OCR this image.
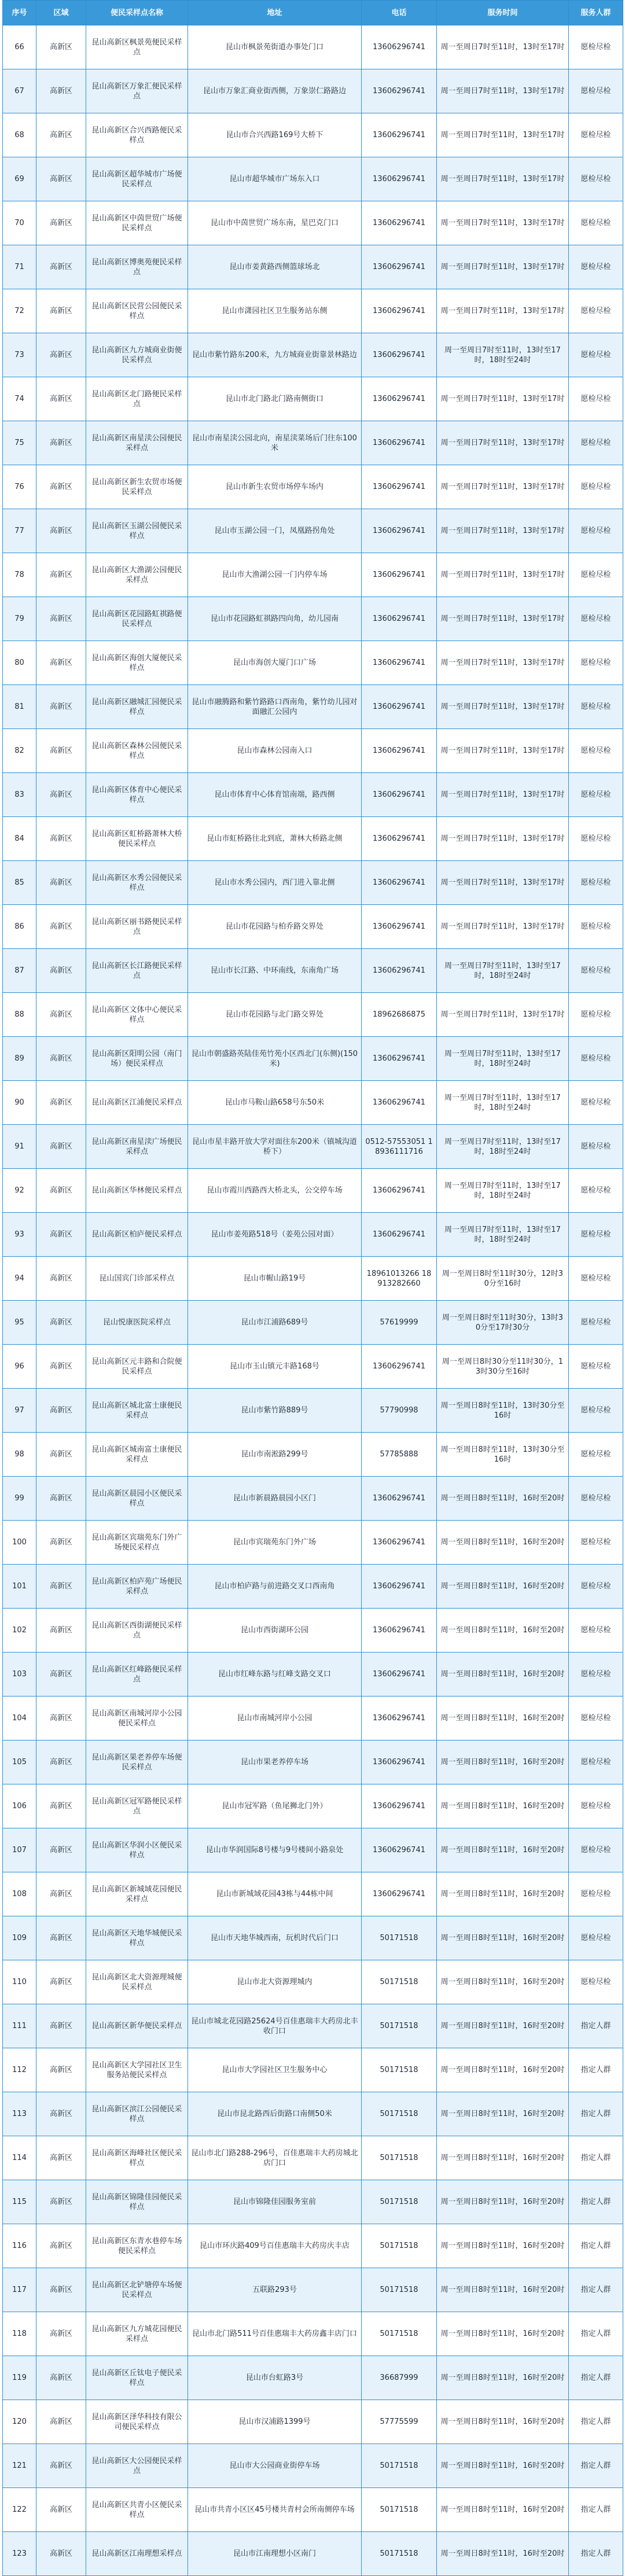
序号	区域	便民采样点名称	地址	电话	服务时间	服务人群
66	高新区	昆山高新区枫景苑便民采样点	昆山市枫景苑街道办事处门口	13606296741	周一至周日7时至11时，13时至17时	愿检尽检
67	高新区	昆山高新区万象汇便民采样点	昆山市万象汇商业街西侧，万象崇仁路路边	13606296741	周一至周日7时至11时，13时至17时	愿检尽检
68	高新区	昆山高新区合兴西路便民采样点	昆山市合兴西路169号大桥下	13606296741	周一至周日7时至11时，13时至17时	愿检尽检
69	高新区	昆山高新区超华城市广场便民采样点	昆山市超华城市广场东入口	13606296741	周一至周日7时至11时，13时至17时	愿检尽检
70	高新区	昆山高新区中茵世贸广场便民采样点	昆山市中茵世贸广场东南，星巴克门口	13606296741	周一至周日7时至11时，13时至17时	愿检尽检
71	高新区	昆山高新区博奥苑便民采样点	昆山市姜黄路西侧篮球场北	13606296741	周一至周日7时至11时，13时至17时	愿检尽检
72	高新区	昆山高新区民营公园便民采样点	昆山市潇园社区卫生服务站东侧	13606296741	周一至周日7时至11时，13时至17时	愿检尽检
73	高新区	昆山高新区九方城商业街便民采样点	昆山市紫竹路东200米，九方城商业街靠景林路边	13606296741	周一至周日7时至11时，13时至17时，18时至24时	愿检尽检
74	高新区	昆山高新区北门路便民采样点	昆山市北门路北门路南侧街口	13606296741	周一至周日7时至11时，13时至17时	愿检尽检
75	高新区	昆山高新区南星渎公园便民采样点	昆山市南星渎公园北向，南星渎菜场后门往东100米	13606296741	周一至周日7时至11时，13时至17时	愿检尽检
76	高新区	昆山高新区新生农贸市场便民采样点	昆山市新生农贸市场停车场内	13606296741	周一至周日7时至11时，13时至17时	愿检尽检
77	高新区	昆山高新区玉湖公园便民采样点	昆山市玉湖公园一门，凤凰路拐角处	13606296741	周一至周日7时至11时，13时至17时	愿检尽检
78	高新区	昆山高新区大渔湖公园便民采样点	昆山市大渔湖公园一门内停车场	13606296741	周一至周日7时至11时，13时至17时	愿检尽检
79	高新区	昆山高新区花园路虹祺路便民采样点	昆山市花园路虹祺路四向角，幼儿园南	13606296741	周一至周日7时至11时，13时至17时	愿检尽检
80	高新区	昆山高新区海创大厦便民采样点	昆山市海创大厦门口广场	13606296741	周一至周日7时至11时，13时至17时	愿检尽检
81	高新区	昆山高新区融城汇园便民采样点	昆山市融腾路和紫竹路路口西南角，紫竹幼儿园对面融汇公园内	13606296741	周一至周日7时至11时，13时至17时	愿检尽检
82	高新区	昆山高新区森林公园便民采样点	昆山市森林公园南入口	13606296741	周一至周日7时至11时，13时至17时	愿检尽检
83	高新区	昆山高新区体育中心便民采样点	昆山市体育中心体育馆南端，路西侧	13606296741	周一至周日7时至11时，13时至17时	愿检尽检
84	高新区	昆山高新区虹桥路萧林大桥便民采样点	昆山市虹桥路往北到底，萧林大桥路北侧	13606296741	周一至周日7时至11时，13时至17时	愿检尽检
85	高新区	昆山高新区水秀公园便民采样点	昆山市水秀公园内，西门进入靠北侧	13606296741	周一至周日7时至11时，13时至17时	愿检尽检
86	高新区	昆山高新区丽书路便民采样点	昆山市花园路与柏乔路交界处	13606296741	周一至周日7时至11时，13时至17时	愿检尽检
87	高新区	昆山高新区长江路便民采样点	昆山市长江路、中环南线，东南角广场	13606296741	周一至周日7时至11时，13时至17时，18时至24时	愿检尽检
88	高新区	昆山高新区文体中心便民采样点	昆山市花园路与北门路交界处	18962686875	周一至周日7时至11时，13时至17时	愿检尽检
89	高新区	昆山高新区阳明公园（南门场）便民采样点	昆山市朝盛路英陆佳苑竹苑小区西北门(东侧)(150米)	13606296741	周一至周日7时至11时，13时至17时，18时至24时	愿检尽检
90	高新区	昆山高新区江浦便民采样点	昆山市马鞍山路658号东50米	13606296741	周一至周日7时至11时，13时至17时，18时至24时	愿检尽检
91	高新区	昆山高新区南星渎广场便民采样点	昆山市星丰路开放大学对面往东200米（镇城沟道桥下）	0512-57553051 18936111716	周一至周日7时至11时，13时至17时，18时至24时	愿检尽检
92	高新区	昆山高新区华林便民采样点	昆山市霞川西路西大桥北头，公交停车场	13606296741	周一至周日7时至11时，13时至17时，18时至24时	愿检尽检
93	高新区	昆山高新区柏庐便民采样点	昆山市姜苑路518号（姜苑公园对面）	13606296741	周一至周日7时至11时，13时至17时，18时至24时	愿检尽检
94	高新区	昆山国宾门诊部采样点	昆山市幄山路19号	18961013266 18913282660	周一至周日8时至11时30分，12时30分至16时	愿检尽检
95	高新区	昆山悦康医院采样点	昆山市江浦路689号	57619999	周一至周日8时至11时30分，13时30分至17时30分	愿检尽检
96	高新区	昆山高新区元丰路和合院便民采样点	昆山市玉山镇元丰路168号	13606296741	周一至周日8时30分至11时30分，13时30分至16时	愿检尽检
97	高新区	昆山高新区城北富士康便民采样点	昆山市紫竹路889号	57790998	周一至周日8时至11时，13时30分至16时	愿检尽检
98	高新区	昆山高新区城南富士康便民采样点	昆山市南淞路299号	57785888	周一至周日8时至11时，13时30分至16时	愿检尽检
99	高新区	昆山高新区晨园小区便民采样点	昆山市新晨路晨园小区门	13606296741	周一至周日8时至11时，16时至20时	愿检尽检
100	高新区	昆山高新区宾瑞苑东门外广场便民采样点	昆山市宾瑞苑东门外广场	13606296741	周一至周日8时至11时，16时至20时	愿检尽检
101	高新区	昆山高新区柏庐苑广场便民采样点	昆山市柏庐路与前进路交叉口西南角	13606296741	周一至周日8时至11时，16时至20时	愿检尽检
102	高新区	昆山高新区西街湖便民采样点	昆山市西街湖环公园	13606296741	周一至周日8时至11时，16时至20时	愿检尽检
103	高新区	昆山高新区红峰路便民采样点	昆山市红峰东路与红峰支路交叉口	13606296741	周一至周日8时至11时，16时至20时	愿检尽检
104	高新区	昆山高新区南城河岸小公园便民采样点	昆山市南城河岸小公园	13606296741	周一至周日8时至11时，16时至20时	愿检尽检
105	高新区	昆山高新区果老养停车场便民采样点	昆山市果老养停车场	13606296741	周一至周日8时至11时，16时至20时	愿检尽检
106	高新区	昆山高新区冠军路便民采样点	昆山市冠军路（鱼尾狮北门外）	13606296741	周一至周日8时至11时，16时至20时	愿检尽检
107	高新区	昆山高新区华润小区便民采样点	昆山市华润国际8号楼与9号楼间小路泉处	13606296741	周一至周日8时至11时，16时至20时	愿检尽检
108	高新区	昆山高新区新城域花园便民采样点	昆山市新城域花园43栋与44栋中间	13606296741	周一至周日8时至11时，16时至20时	愿检尽检
109	高新区	昆山高新区天地华城便民采样点	昆山市天地华城西南，玩机时代后门口	50171518	周一至周日8时至11时，16时至20时	愿检尽检
110	高新区	昆山高新区北大资源理城便民采样点	昆山市北大资源理城内	50171518	周一至周日8时至11时，16时至20时	愿检尽检
111	高新区	昆山高新区新华便民采样点	昆山市城北花园路25624号百佳惠瑞丰大药房北丰收门口	50171518	周一至周日8时至11时，16时至20时	指定人群
112	高新区	昆山高新区大学园社区卫生服务站便民采样点	昆山市大学园社区卫生服务中心	50171518	周一至周日8时至11时，16时至20时	指定人群
113	高新区	昆山高新区滨江公园便民采样点	昆山市昆北路西后街路口南侧50米	50171518	周一至周日8时至11时，16时至20时	指定人群
114	高新区	昆山高新区海峰社区便民采样点	昆山市北门路288-296号，百佳惠瑞丰大药房城北店门口	50171518	周一至周日8时至11时，16时至20时	指定人群
115	高新区	昆山高新区锦隆佳园便民采样点	昆山市锦隆佳园服务室前	50171518	周一至周日8时至11时，16时至20时	指定人群
116	高新区	昆山高新区东青水巷停车场便民采样点	昆山市环庆路409号百佳惠瑞丰大药房庆丰店	50171518	周一至周日8时至11时，16时至20时	指定人群
117	高新区	昆山高新区北铲塘停车场便民采样点	五联路293号	50171518	周一至周日8时至11时，16时至20时	指定人群
118	高新区	昆山高新区九方城花园便民采样点	昆山市北门路511号百佳惠瑞丰大药房鑫丰店门口	50171518	周一至周日8时至11时，16时至20时	指定人群
119	高新区	昆山高新区丘钛电子便民采样点	昆山市台虹路3号	36687999	周一至周日8时至11时，16时至20时	指定人群
120	高新区	昆山高新区泽华科技有限公司便民采样点	昆山市汉浦路1399号	57775599	周一至周日8时至11时，16时至20时	指定人群
121	高新区	昆山高新区大公园便民采样点	昆山市大公园商业街停车场	50171518	周一至周日8时至11时，16时至20时	指定人群
122	高新区	昆山高新区共青小区便民采样点	昆山市共青小区区45号楼共青村会所南侧停车场	50171518	周一至周日8时至11时，16时至20时	指定人群
123	高新区	昆山高新区江南理想采样点	昆山市江南理想小区南门	50171518	周一至周日8时至11时，16时至20时	指定人群
